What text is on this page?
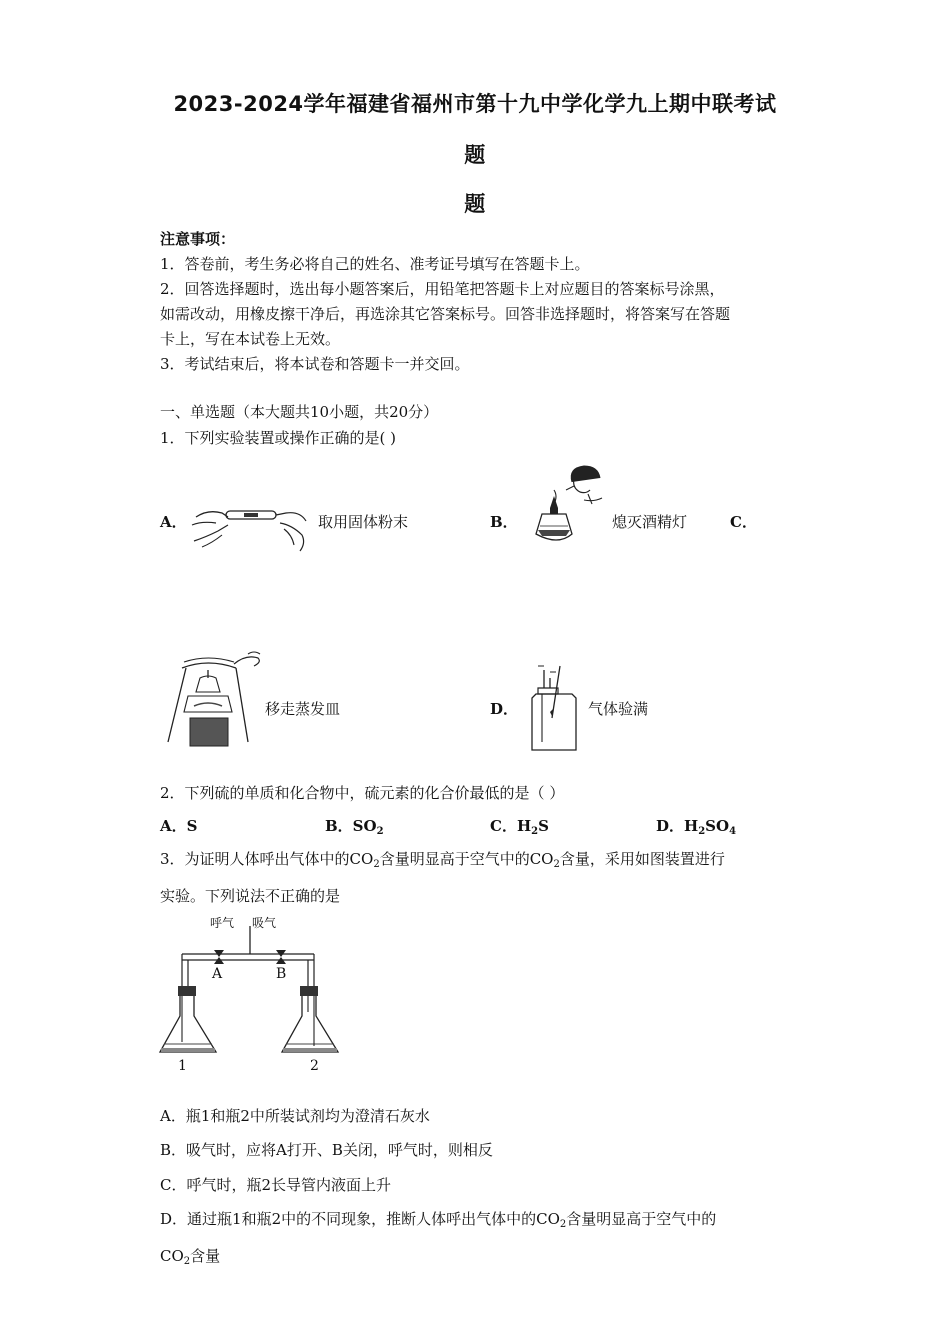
2023-2024学年福建省福州市第十九中学化学九上期中联考试
题
题
注意事项：
1．答卷前，考生务必将自己的姓名、准考证号填写在答题卡上。
2．回答选择题时，选出每小题答案后，用铅笔把答题卡上对应题目的答案标号涂黑，
如需改动，用橡皮擦干净后，再选涂其它答案标号。回答非选择题时，将答案写在答题
卡上，写在本试卷上无效。
3．考试结束后，将本试卷和答题卡一并交回。
一、单选题（本大题共10小题，共20分）
1．下列实验装置或操作正确的是( )
A．	取用固体粉末	B．	熄灭酒精灯	C．
移走蒸发皿	D．	气体验满
2．下列硫的单质和化合物中，硫元素的化合价最低的是（ ）
A．S	B．$SO_2$	C．$H_2S$	D．$H_2SO_4$
3．为证明人体呼出气体中的$CO_2$含量明显高于空气中的$CO_2$含量，采用如图装置进行
实验。下列说法不正确的是
呼气 吸气
A	B
1	2
A．瓶1和瓶2中所装试剂均为澄清石灰水
B．吸气时，应将A打开、B关闭，呼气时，则相反
C．呼气时，瓶2长导管内液面上升
D．通过瓶1和瓶2中的不同现象，推断人体呼出气体中的$CO_2$含量明显高于空气中的
$CO_2$含量
